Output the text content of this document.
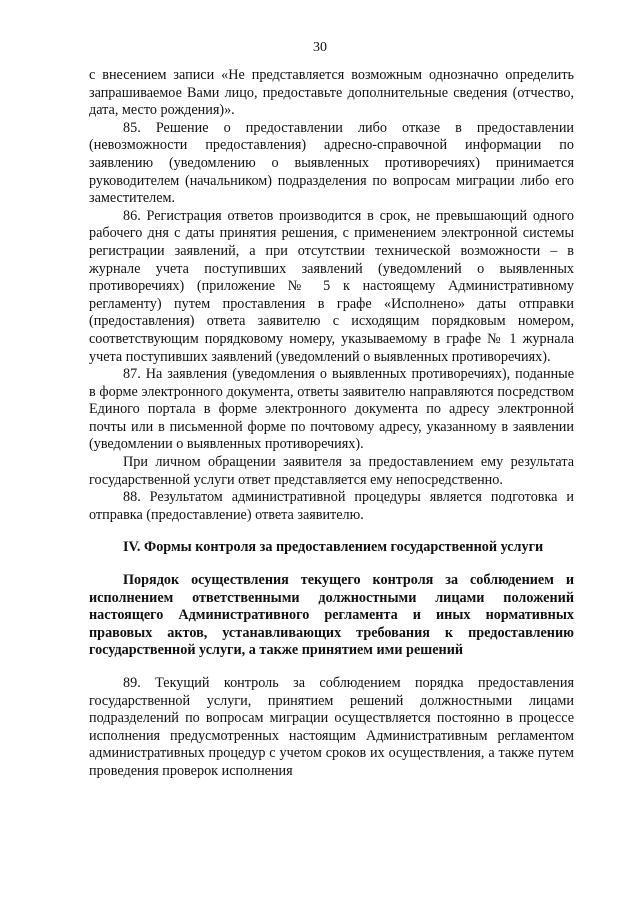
30

с внесением записи «Не представляется возможным однозначно определить запрашиваемое Вами лицо, предоставьте дополнительные сведения (отчество, дата, место рождения)».

85. Решение о предоставлении либо отказе в предоставлении (невозможности предоставления) адресно-справочной информации по заявлению (уведомлению о выявленных противоречиях) принимается руководителем (начальником) подразделения по вопросам миграции либо его заместителем.

86. Регистрация ответов производится в срок, не превышающий одного рабочего дня с даты принятия решения, с применением электронной системы регистрации заявлений, а при отсутствии технической возможности – в журнале учета поступивших заявлений (уведомлений о выявленных противоречиях) (приложение № 5 к настоящему Административному регламенту) путем проставления в графе «Исполнено» даты отправки (предоставления) ответа заявителю с исходящим порядковым номером, соответствующим порядковому номеру, указываемому в графе № 1 журнала учета поступивших заявлений (уведомлений о выявленных противоречиях).

87. На заявления (уведомления о выявленных противоречиях), поданные в форме электронного документа, ответы заявителю направляются посредством Единого портала в форме электронного документа по адресу электронной почты или в письменной форме по почтовому адресу, указанному в заявлении (уведомлении о выявленных противоречиях).

При личном обращении заявителя за предоставлением ему результата государственной услуги ответ представляется ему непосредственно.

88. Результатом административной процедуры является подготовка и отправка (предоставление) ответа заявителю.

IV. Формы контроля за предоставлением государственной услуги

Порядок осуществления текущего контроля за соблюдением и исполнением ответственными должностными лицами положений настоящего Административного регламента и иных нормативных правовых актов, устанавливающих требования к предоставлению государственной услуги, а также принятием ими решений

89. Текущий контроль за соблюдением порядка предоставления государственной услуги, принятием решений должностными лицами подразделений по вопросам миграции осуществляется постоянно в процессе исполнения предусмотренных настоящим Административным регламентом административных процедур с учетом сроков их осуществления, а также путем проведения проверок исполнения
